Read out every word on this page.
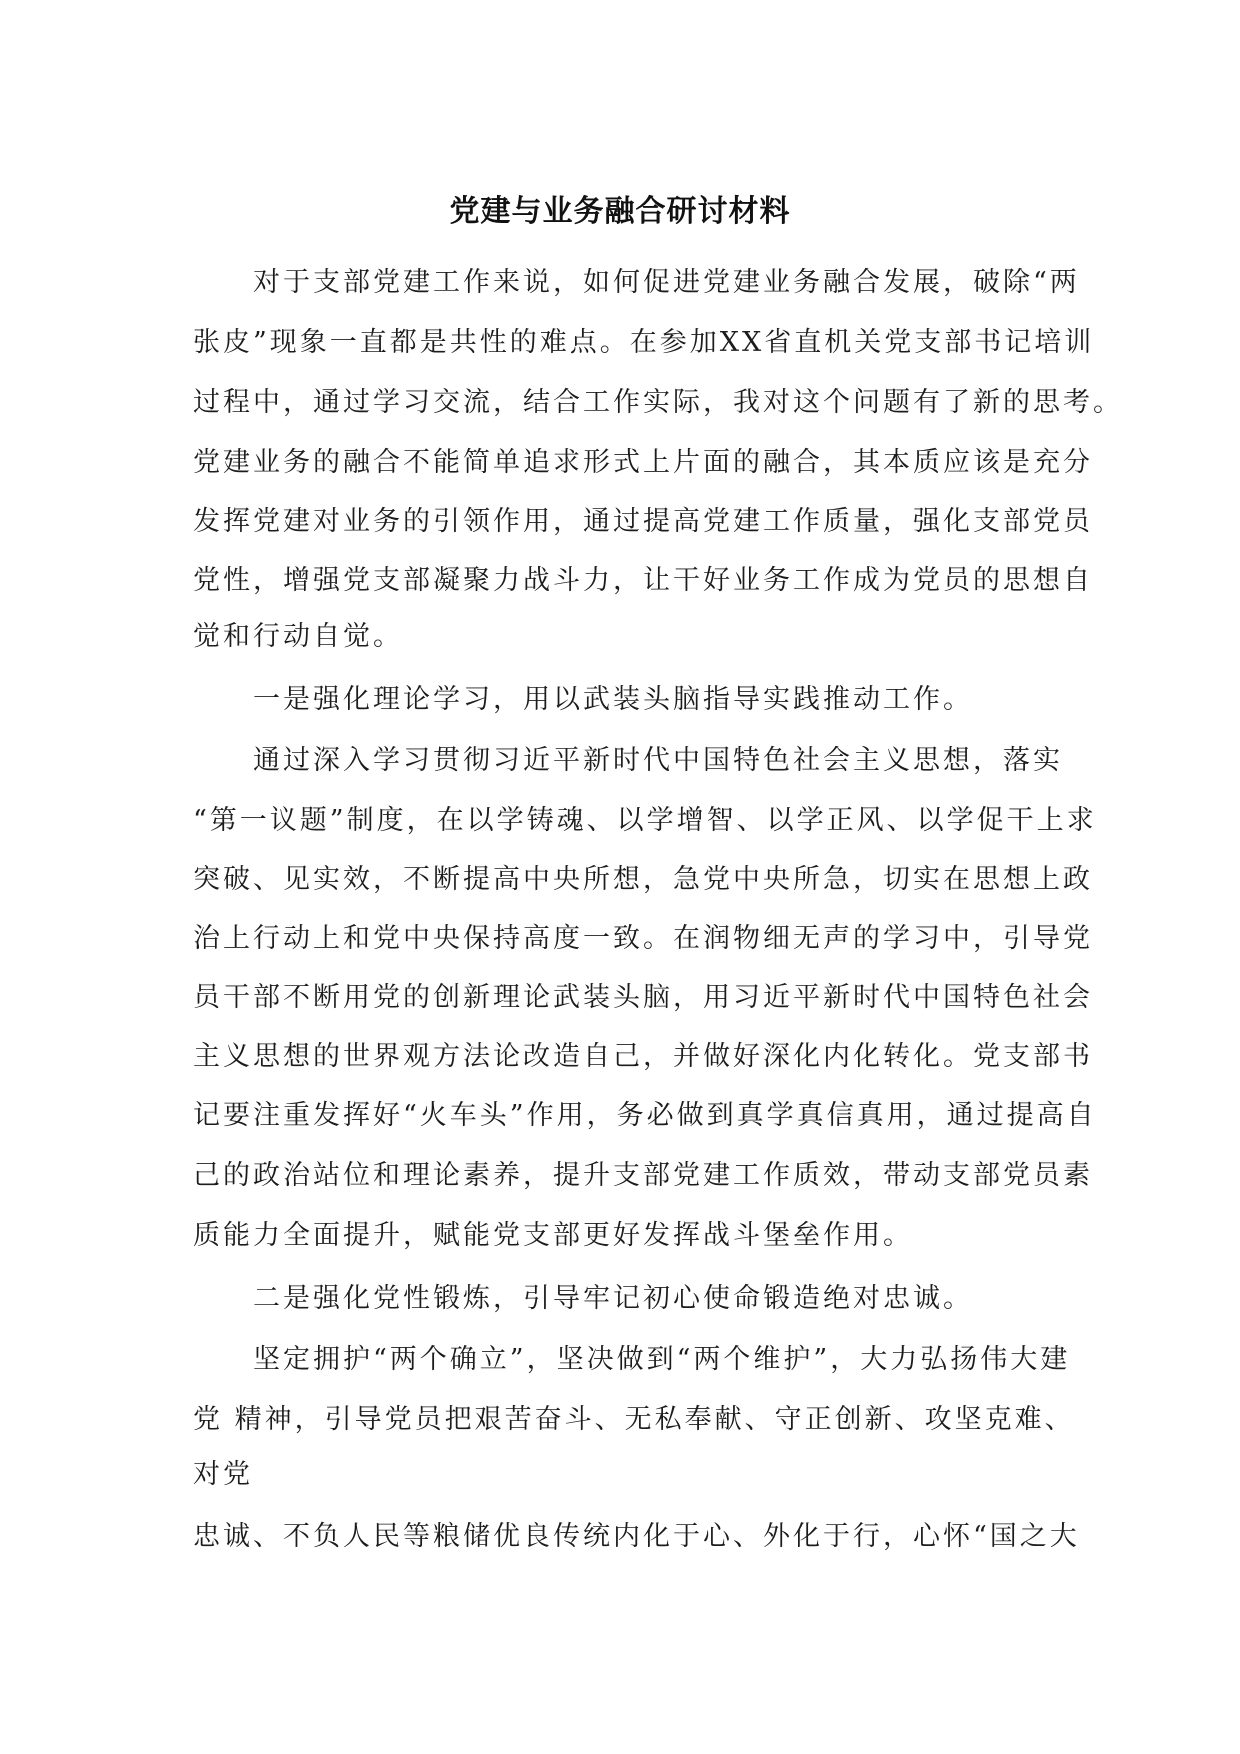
党建与业务融合研讨材料
　　对于支部党建工作来说，如何促进党建业务融合发展，破除“两
张皮”现象一直都是共性的难点。在参加XX省直机关党支部书记培训
过程中，通过学习交流，结合工作实际，我对这个问题有了新的思考。
党建业务的融合不能简单追求形式上片面的融合，其本质应该是充分
发挥党建对业务的引领作用，通过提高党建工作质量，强化支部党员
党性，增强党支部凝聚力战斗力，让干好业务工作成为党员的思想自
觉和行动自觉。
　　一是强化理论学习，用以武装头脑指导实践推动工作。
　　通过深入学习贯彻习近平新时代中国特色社会主义思想，落实
“第一议题”制度，在以学铸魂、以学增智、以学正风、以学促干上求
突破、见实效，不断提高中央所想，急党中央所急，切实在思想上政
治上行动上和党中央保持高度一致。在润物细无声的学习中，引导党
员干部不断用党的创新理论武装头脑，用习近平新时代中国特色社会
主义思想的世界观方法论改造自己，并做好深化内化转化。党支部书
记要注重发挥好“火车头”作用，务必做到真学真信真用，通过提高自
己的政治站位和理论素养，提升支部党建工作质效，带动支部党员素
质能力全面提升，赋能党支部更好发挥战斗堡垒作用。
　　二是强化党性锻炼，引导牢记初心使命锻造绝对忠诚。
　　坚定拥护“两个确立”，坚决做到“两个维护”，大力弘扬伟大建
党 精神，引导党员把艰苦奋斗、无私奉献、守正创新、攻坚克难、
对党
忠诚、不负人民等粮储优良传统内化于心、外化于行，心怀“国之大
